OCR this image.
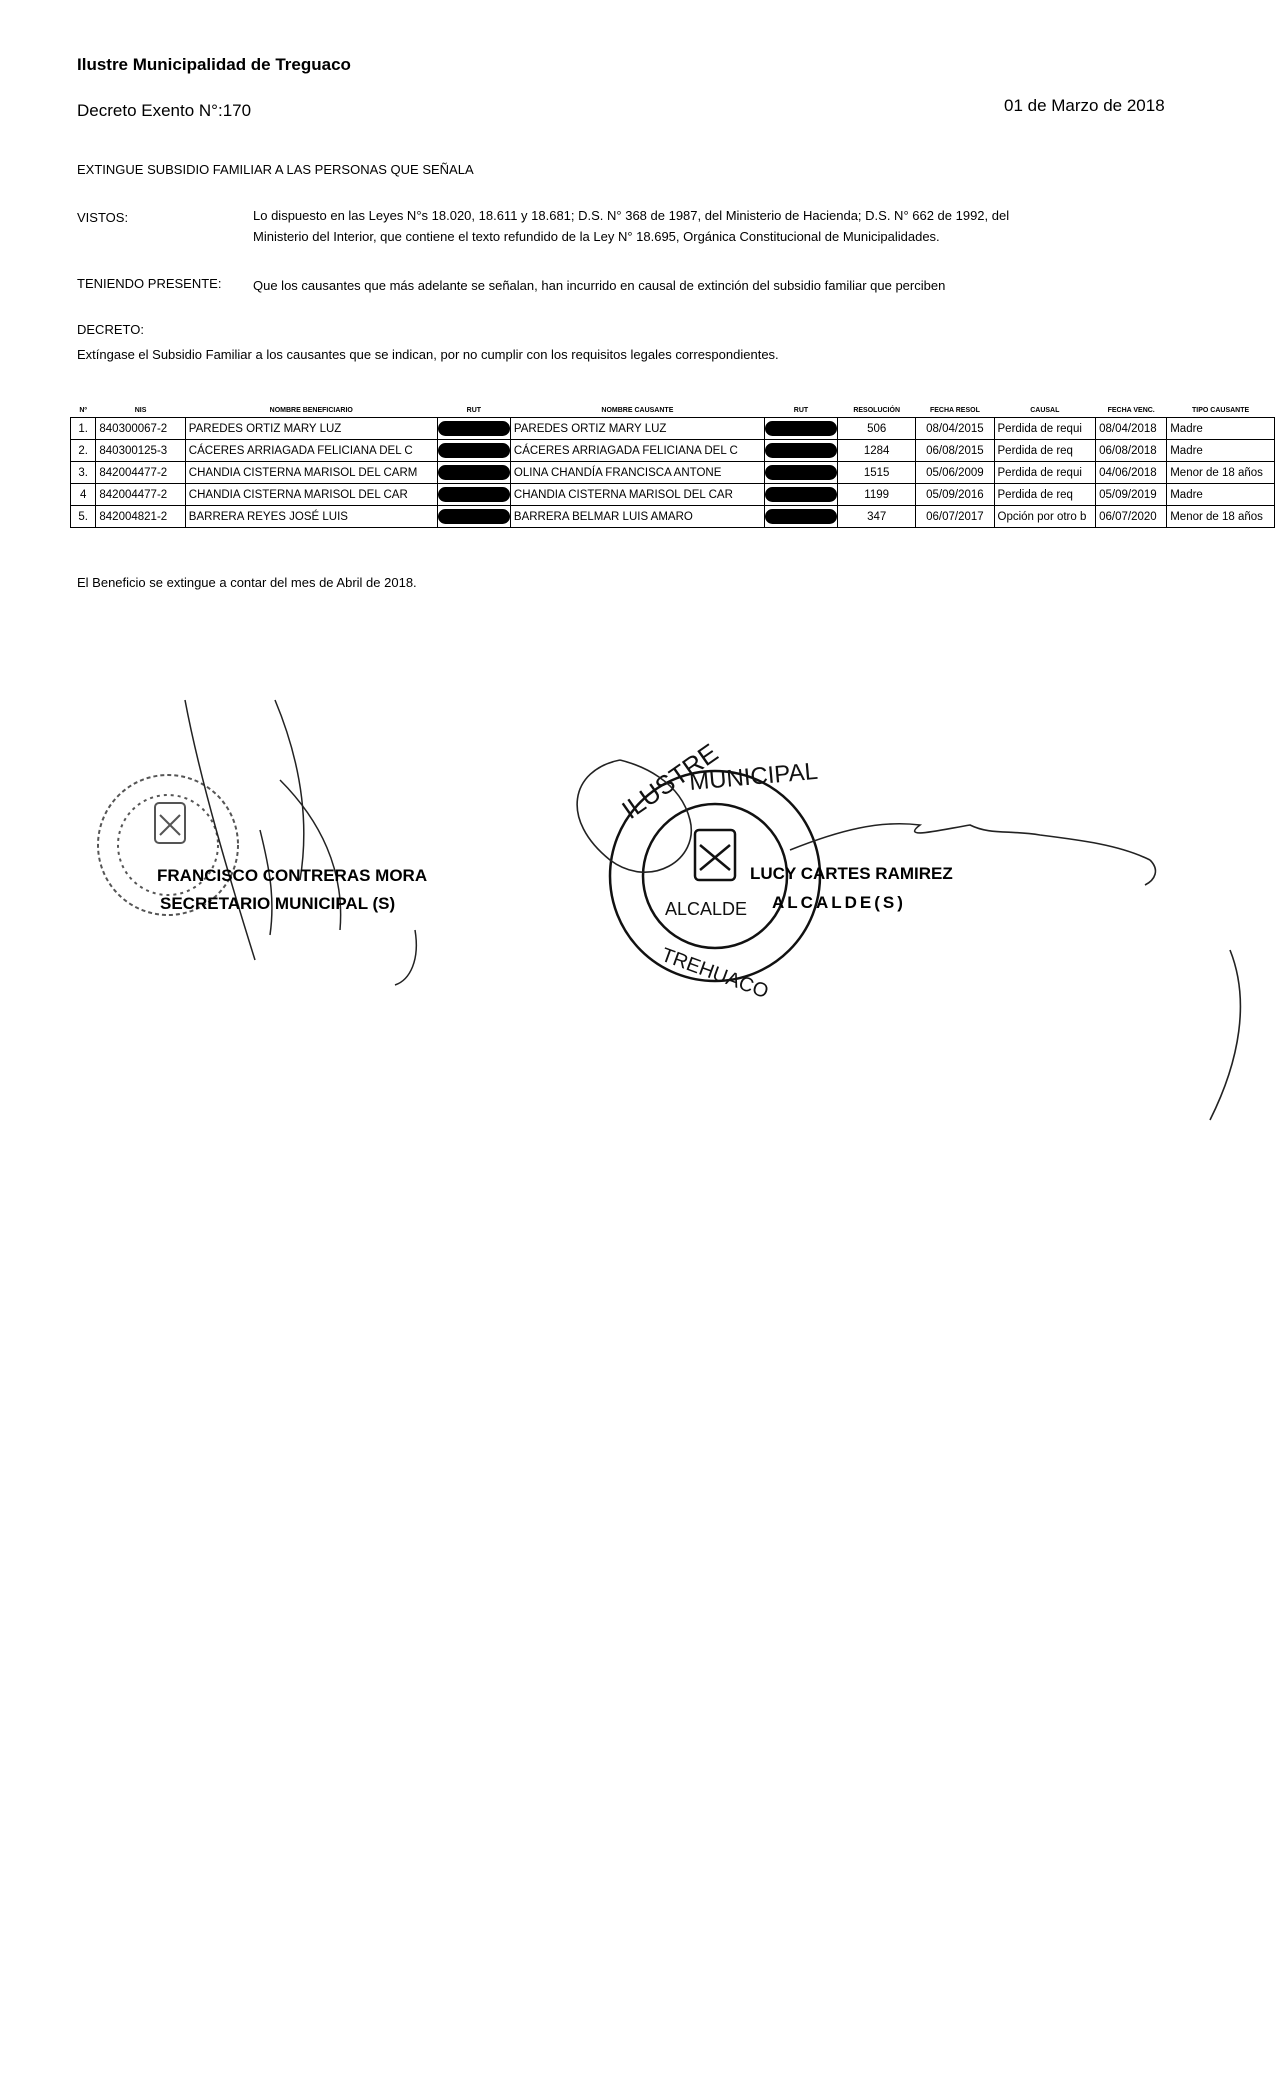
Ilustre Municipalidad de Treguaco
Decreto Exento N°:170	01 de Marzo de 2018
EXTINGUE SUBSIDIO FAMILIAR A LAS PERSONAS QUE SEÑALA
VISTOS:	Lo dispuesto en las Leyes N°s 18.020, 18.611 y 18.681; D.S. N° 368 de 1987, del Ministerio de Hacienda; D.S. N° 662 de 1992, del
Ministerio del Interior, que contiene el texto refundido de la Ley N° 18.695, Orgánica Constitucional de Municipalidades.
TENIENDO PRESENTE: Que los causantes que más adelante se señalan, han incurrido en causal de extinción del subsidio familiar que perciben
DECRETO:
Extíngase el Subsidio Familiar a los causantes que se indican, por no cumplir con los requisitos legales correspondientes.
Nº	NIS	NOMBRE BENEFICIARIO	RUT	NOMBRE CAUSANTE	RUT	RESOLUCIÓN	FECHA RESOL	CAUSAL	FECHA VENC.	TIPO CAUSANTE
1.	840300067-2	PAREDES ORTIZ MARY LUZ		PAREDES ORTIZ MARY LUZ		506	08/04/2015	Perdida de requi	08/04/2018	Madre
2.	840300125-3	CÁCERES ARRIAGADA FELICIANA DEL C		CÁCERES ARRIAGADA FELICIANA DEL C		1284	06/08/2015	Perdida de req	06/08/2018	Madre
3.	842004477-2	CHANDIA CISTERNA MARISOL DEL CARM		OLINA CHANDÍA FRANCISCA ANTONE		1515	05/06/2009	Perdida de requi	04/06/2018	Menor de 18 años
4	842004477-2	CHANDIA CISTERNA MARISOL DEL CAR		CHANDIA CISTERNA MARISOL DEL CAR		1199	05/09/2016	Perdida de req	05/09/2019	Madre
5.	842004821-2	BARRERA REYES JOSÉ LUIS		BARRERA BELMAR LUIS AMARO		347	06/07/2017	Opción por otro b	06/07/2020	Menor de 18 años
El Beneficio se extingue a contar del mes de Abril de 2018.
ILUSTRE
MUNICIPAL
ALCALDE
TREHUACO
FRANCISCO CONTRERAS MORA
SECRETARIO MUNICIPAL (S)
LUCY CARTES RAMIREZ
ALCALDE(S)
